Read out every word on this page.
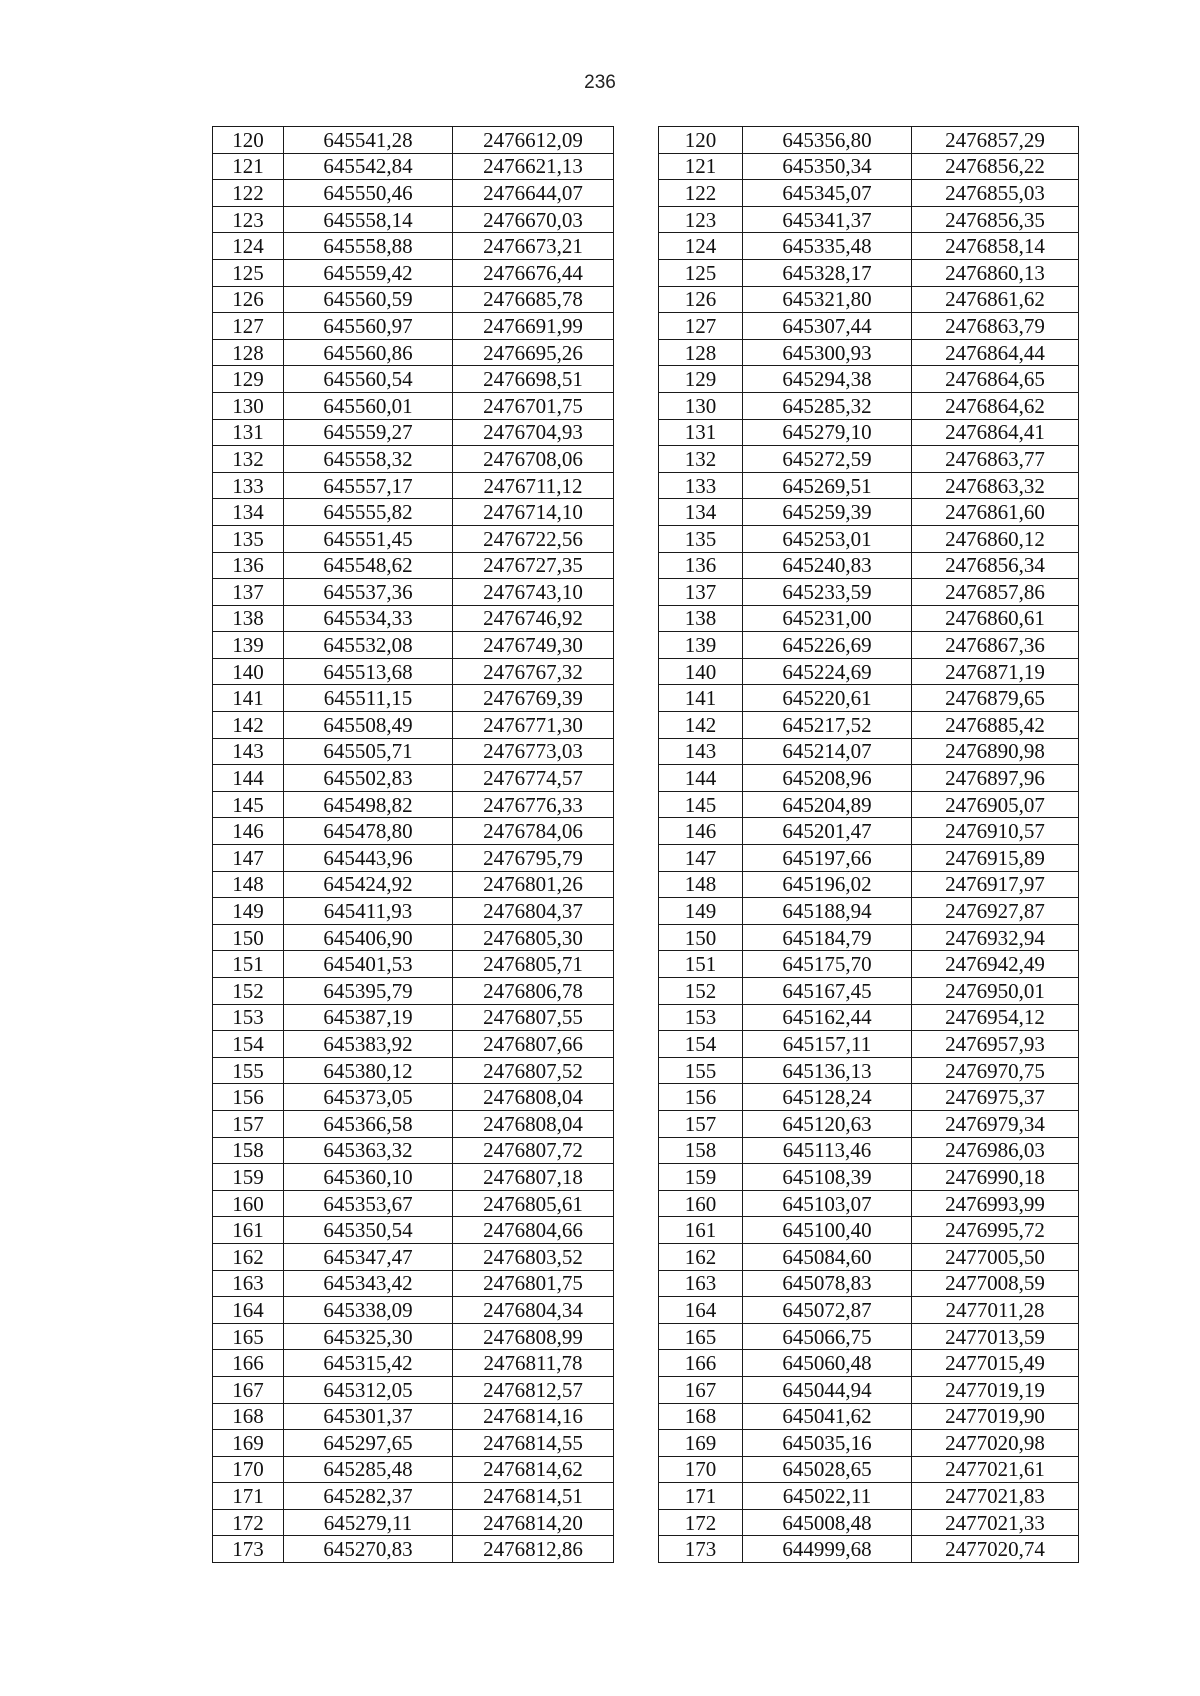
236
120	645541,28	2476612,09		120	645356,80	2476857,29
121	645542,84	2476621,13		121	645350,34	2476856,22
122	645550,46	2476644,07		122	645345,07	2476855,03
123	645558,14	2476670,03		123	645341,37	2476856,35
124	645558,88	2476673,21		124	645335,48	2476858,14
125	645559,42	2476676,44		125	645328,17	2476860,13
126	645560,59	2476685,78		126	645321,80	2476861,62
127	645560,97	2476691,99		127	645307,44	2476863,79
128	645560,86	2476695,26		128	645300,93	2476864,44
129	645560,54	2476698,51		129	645294,38	2476864,65
130	645560,01	2476701,75		130	645285,32	2476864,62
131	645559,27	2476704,93		131	645279,10	2476864,41
132	645558,32	2476708,06		132	645272,59	2476863,77
133	645557,17	2476711,12		133	645269,51	2476863,32
134	645555,82	2476714,10		134	645259,39	2476861,60
135	645551,45	2476722,56		135	645253,01	2476860,12
136	645548,62	2476727,35		136	645240,83	2476856,34
137	645537,36	2476743,10		137	645233,59	2476857,86
138	645534,33	2476746,92		138	645231,00	2476860,61
139	645532,08	2476749,30		139	645226,69	2476867,36
140	645513,68	2476767,32		140	645224,69	2476871,19
141	645511,15	2476769,39		141	645220,61	2476879,65
142	645508,49	2476771,30		142	645217,52	2476885,42
143	645505,71	2476773,03		143	645214,07	2476890,98
144	645502,83	2476774,57		144	645208,96	2476897,96
145	645498,82	2476776,33		145	645204,89	2476905,07
146	645478,80	2476784,06		146	645201,47	2476910,57
147	645443,96	2476795,79		147	645197,66	2476915,89
148	645424,92	2476801,26		148	645196,02	2476917,97
149	645411,93	2476804,37		149	645188,94	2476927,87
150	645406,90	2476805,30		150	645184,79	2476932,94
151	645401,53	2476805,71		151	645175,70	2476942,49
152	645395,79	2476806,78		152	645167,45	2476950,01
153	645387,19	2476807,55		153	645162,44	2476954,12
154	645383,92	2476807,66		154	645157,11	2476957,93
155	645380,12	2476807,52		155	645136,13	2476970,75
156	645373,05	2476808,04		156	645128,24	2476975,37
157	645366,58	2476808,04		157	645120,63	2476979,34
158	645363,32	2476807,72		158	645113,46	2476986,03
159	645360,10	2476807,18		159	645108,39	2476990,18
160	645353,67	2476805,61		160	645103,07	2476993,99
161	645350,54	2476804,66		161	645100,40	2476995,72
162	645347,47	2476803,52		162	645084,60	2477005,50
163	645343,42	2476801,75		163	645078,83	2477008,59
164	645338,09	2476804,34		164	645072,87	2477011,28
165	645325,30	2476808,99		165	645066,75	2477013,59
166	645315,42	2476811,78		166	645060,48	2477015,49
167	645312,05	2476812,57		167	645044,94	2477019,19
168	645301,37	2476814,16		168	645041,62	2477019,90
169	645297,65	2476814,55		169	645035,16	2477020,98
170	645285,48	2476814,62		170	645028,65	2477021,61
171	645282,37	2476814,51		171	645022,11	2477021,83
172	645279,11	2476814,20		172	645008,48	2477021,33
173	645270,83	2476812,86		173	644999,68	2477020,74
